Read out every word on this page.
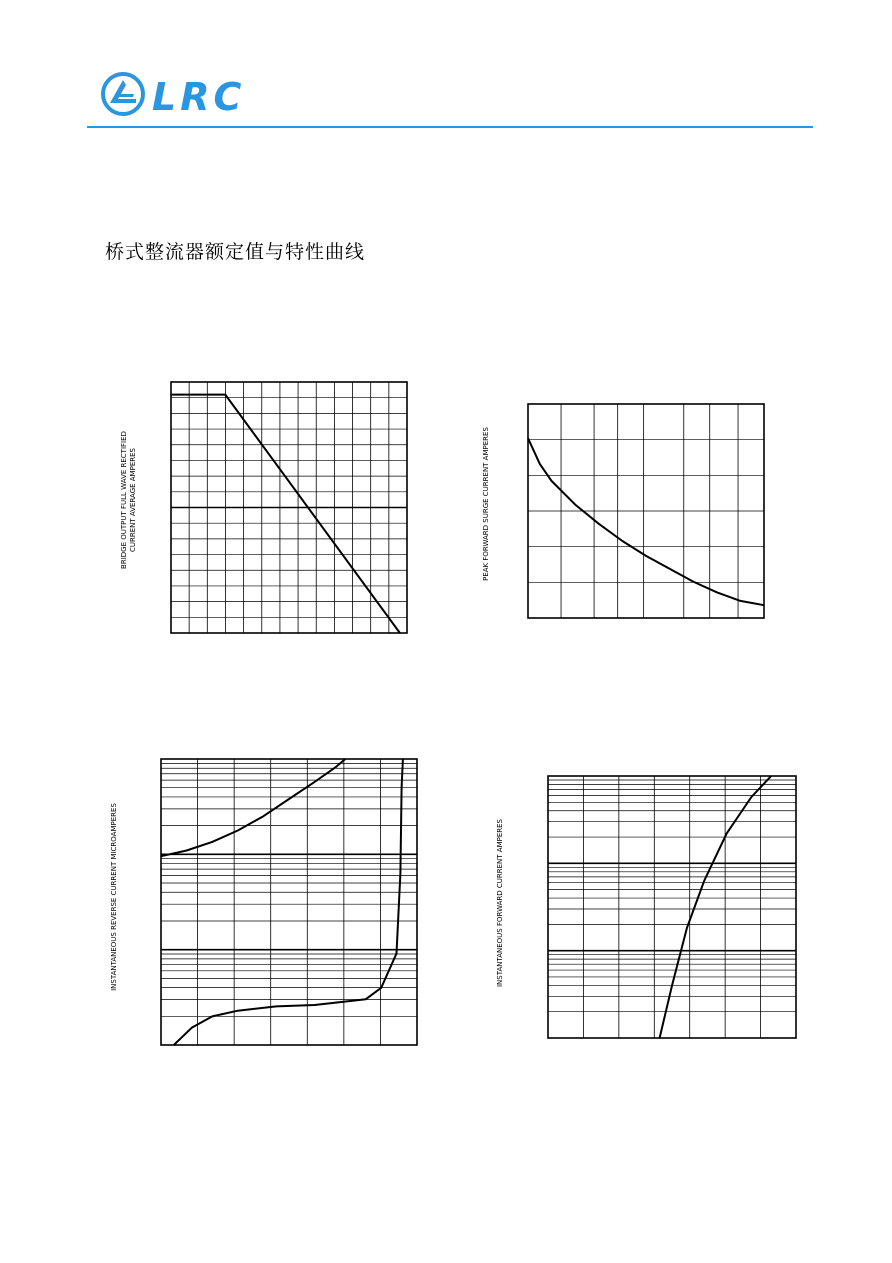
LRC
桥式整流器额定值与特性曲线
BRIDGE OUTPUT FULL WAVE RECTIFIED CURRENT AVERAGE AMPERES	PEAK FORWARD SURGE CURRENT AMPERES
INSTANTANEOUS REVERSE CURRENT MICROAMPERES	INSTANTANEOUS FORWARD CURRENT AMPERES
